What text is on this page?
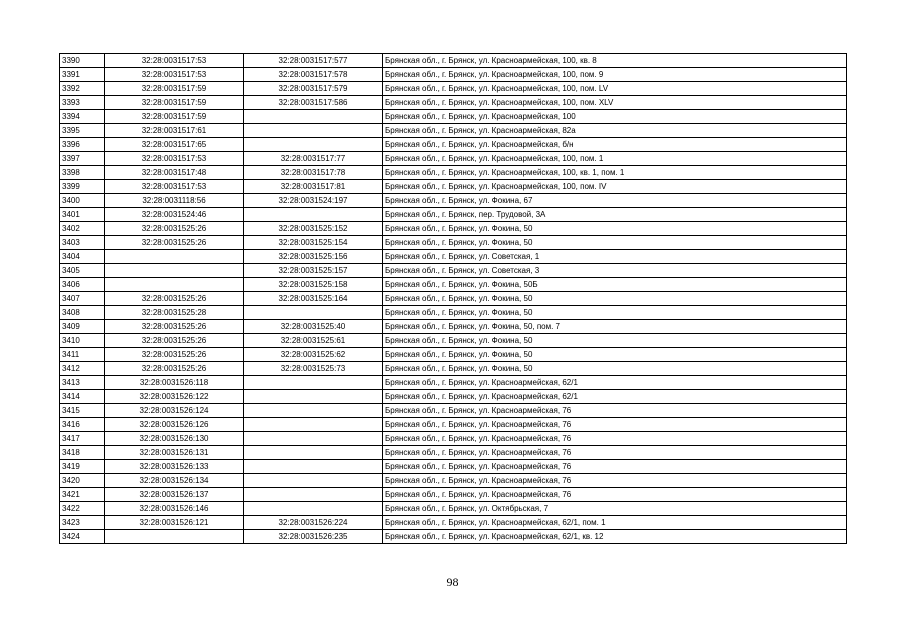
3390	32:28:0031517:53	32:28:0031517:577	Брянская обл., г. Брянск, ул. Красноармейская, 100, кв. 8
3391	32:28:0031517:53	32:28:0031517:578	Брянская обл., г. Брянск, ул. Красноармейская, 100, пом. 9
3392	32:28:0031517:59	32:28:0031517:579	Брянская обл., г. Брянск, ул. Красноармейская, 100, пом. LV
3393	32:28:0031517:59	32:28:0031517:586	Брянская обл., г. Брянск, ул. Красноармейская, 100, пом. XLV
3394	32:28:0031517:59		Брянская обл., г. Брянск, ул. Красноармейская, 100
3395	32:28:0031517:61		Брянская обл., г. Брянск, ул. Красноармейская, 82а
3396	32:28:0031517:65		Брянская обл., г. Брянск, ул. Красноармейская, б/н
3397	32:28:0031517:53	32:28:0031517:77	Брянская обл., г. Брянск, ул. Красноармейская, 100, пом. 1
3398	32:28:0031517:48	32:28:0031517:78	Брянская обл., г. Брянск, ул. Красноармейская, 100, кв. 1, пом. 1
3399	32:28:0031517:53	32:28:0031517:81	Брянская обл., г. Брянск, ул. Красноармейская, 100, пом. IV
3400	32:28:0031118:56	32:28:0031524:197	Брянская обл., г. Брянск, ул. Фокина, 67
3401	32:28:0031524:46		Брянская обл., г. Брянск, пер. Трудовой, 3А
3402	32:28:0031525:26	32:28:0031525:152	Брянская обл., г. Брянск, ул. Фокина, 50
3403	32:28:0031525:26	32:28:0031525:154	Брянская обл., г. Брянск, ул. Фокина, 50
3404		32:28:0031525:156	Брянская обл., г. Брянск, ул. Советская, 1
3405		32:28:0031525:157	Брянская обл., г. Брянск, ул. Советская, 3
3406		32:28:0031525:158	Брянская обл., г. Брянск, ул. Фокина, 50Б
3407	32:28:0031525:26	32:28:0031525:164	Брянская обл., г. Брянск, ул. Фокина, 50
3408	32:28:0031525:28		Брянская обл., г. Брянск, ул. Фокина, 50
3409	32:28:0031525:26	32:28:0031525:40	Брянская обл., г. Брянск, ул. Фокина, 50, пом. 7
3410	32:28:0031525:26	32:28:0031525:61	Брянская обл., г. Брянск, ул. Фокина, 50
3411	32:28:0031525:26	32:28:0031525:62	Брянская обл., г. Брянск, ул. Фокина, 50
3412	32:28:0031525:26	32:28:0031525:73	Брянская обл., г. Брянск, ул. Фокина, 50
3413	32:28:0031526:118		Брянская обл., г. Брянск, ул. Красноармейская, 62/1
3414	32:28:0031526:122		Брянская обл., г. Брянск, ул. Красноармейская, 62/1
3415	32:28:0031526:124		Брянская обл., г. Брянск, ул. Красноармейская, 76
3416	32:28:0031526:126		Брянская обл., г. Брянск, ул. Красноармейская, 76
3417	32:28:0031526:130		Брянская обл., г. Брянск, ул. Красноармейская, 76
3418	32:28:0031526:131		Брянская обл., г. Брянск, ул. Красноармейская, 76
3419	32:28:0031526:133		Брянская обл., г. Брянск, ул. Красноармейская, 76
3420	32:28:0031526:134		Брянская обл., г. Брянск, ул. Красноармейская, 76
3421	32:28:0031526:137		Брянская обл., г. Брянск, ул. Красноармейская, 76
3422	32:28:0031526:146		Брянская обл., г. Брянск, ул. Октябрьская, 7
3423	32:28:0031526:121	32:28:0031526:224	Брянская обл., г. Брянск, ул. Красноармейская, 62/1, пом. 1
3424		32:28:0031526:235	Брянская обл., г. Брянск, ул. Красноармейская, 62/1, кв. 12
98
